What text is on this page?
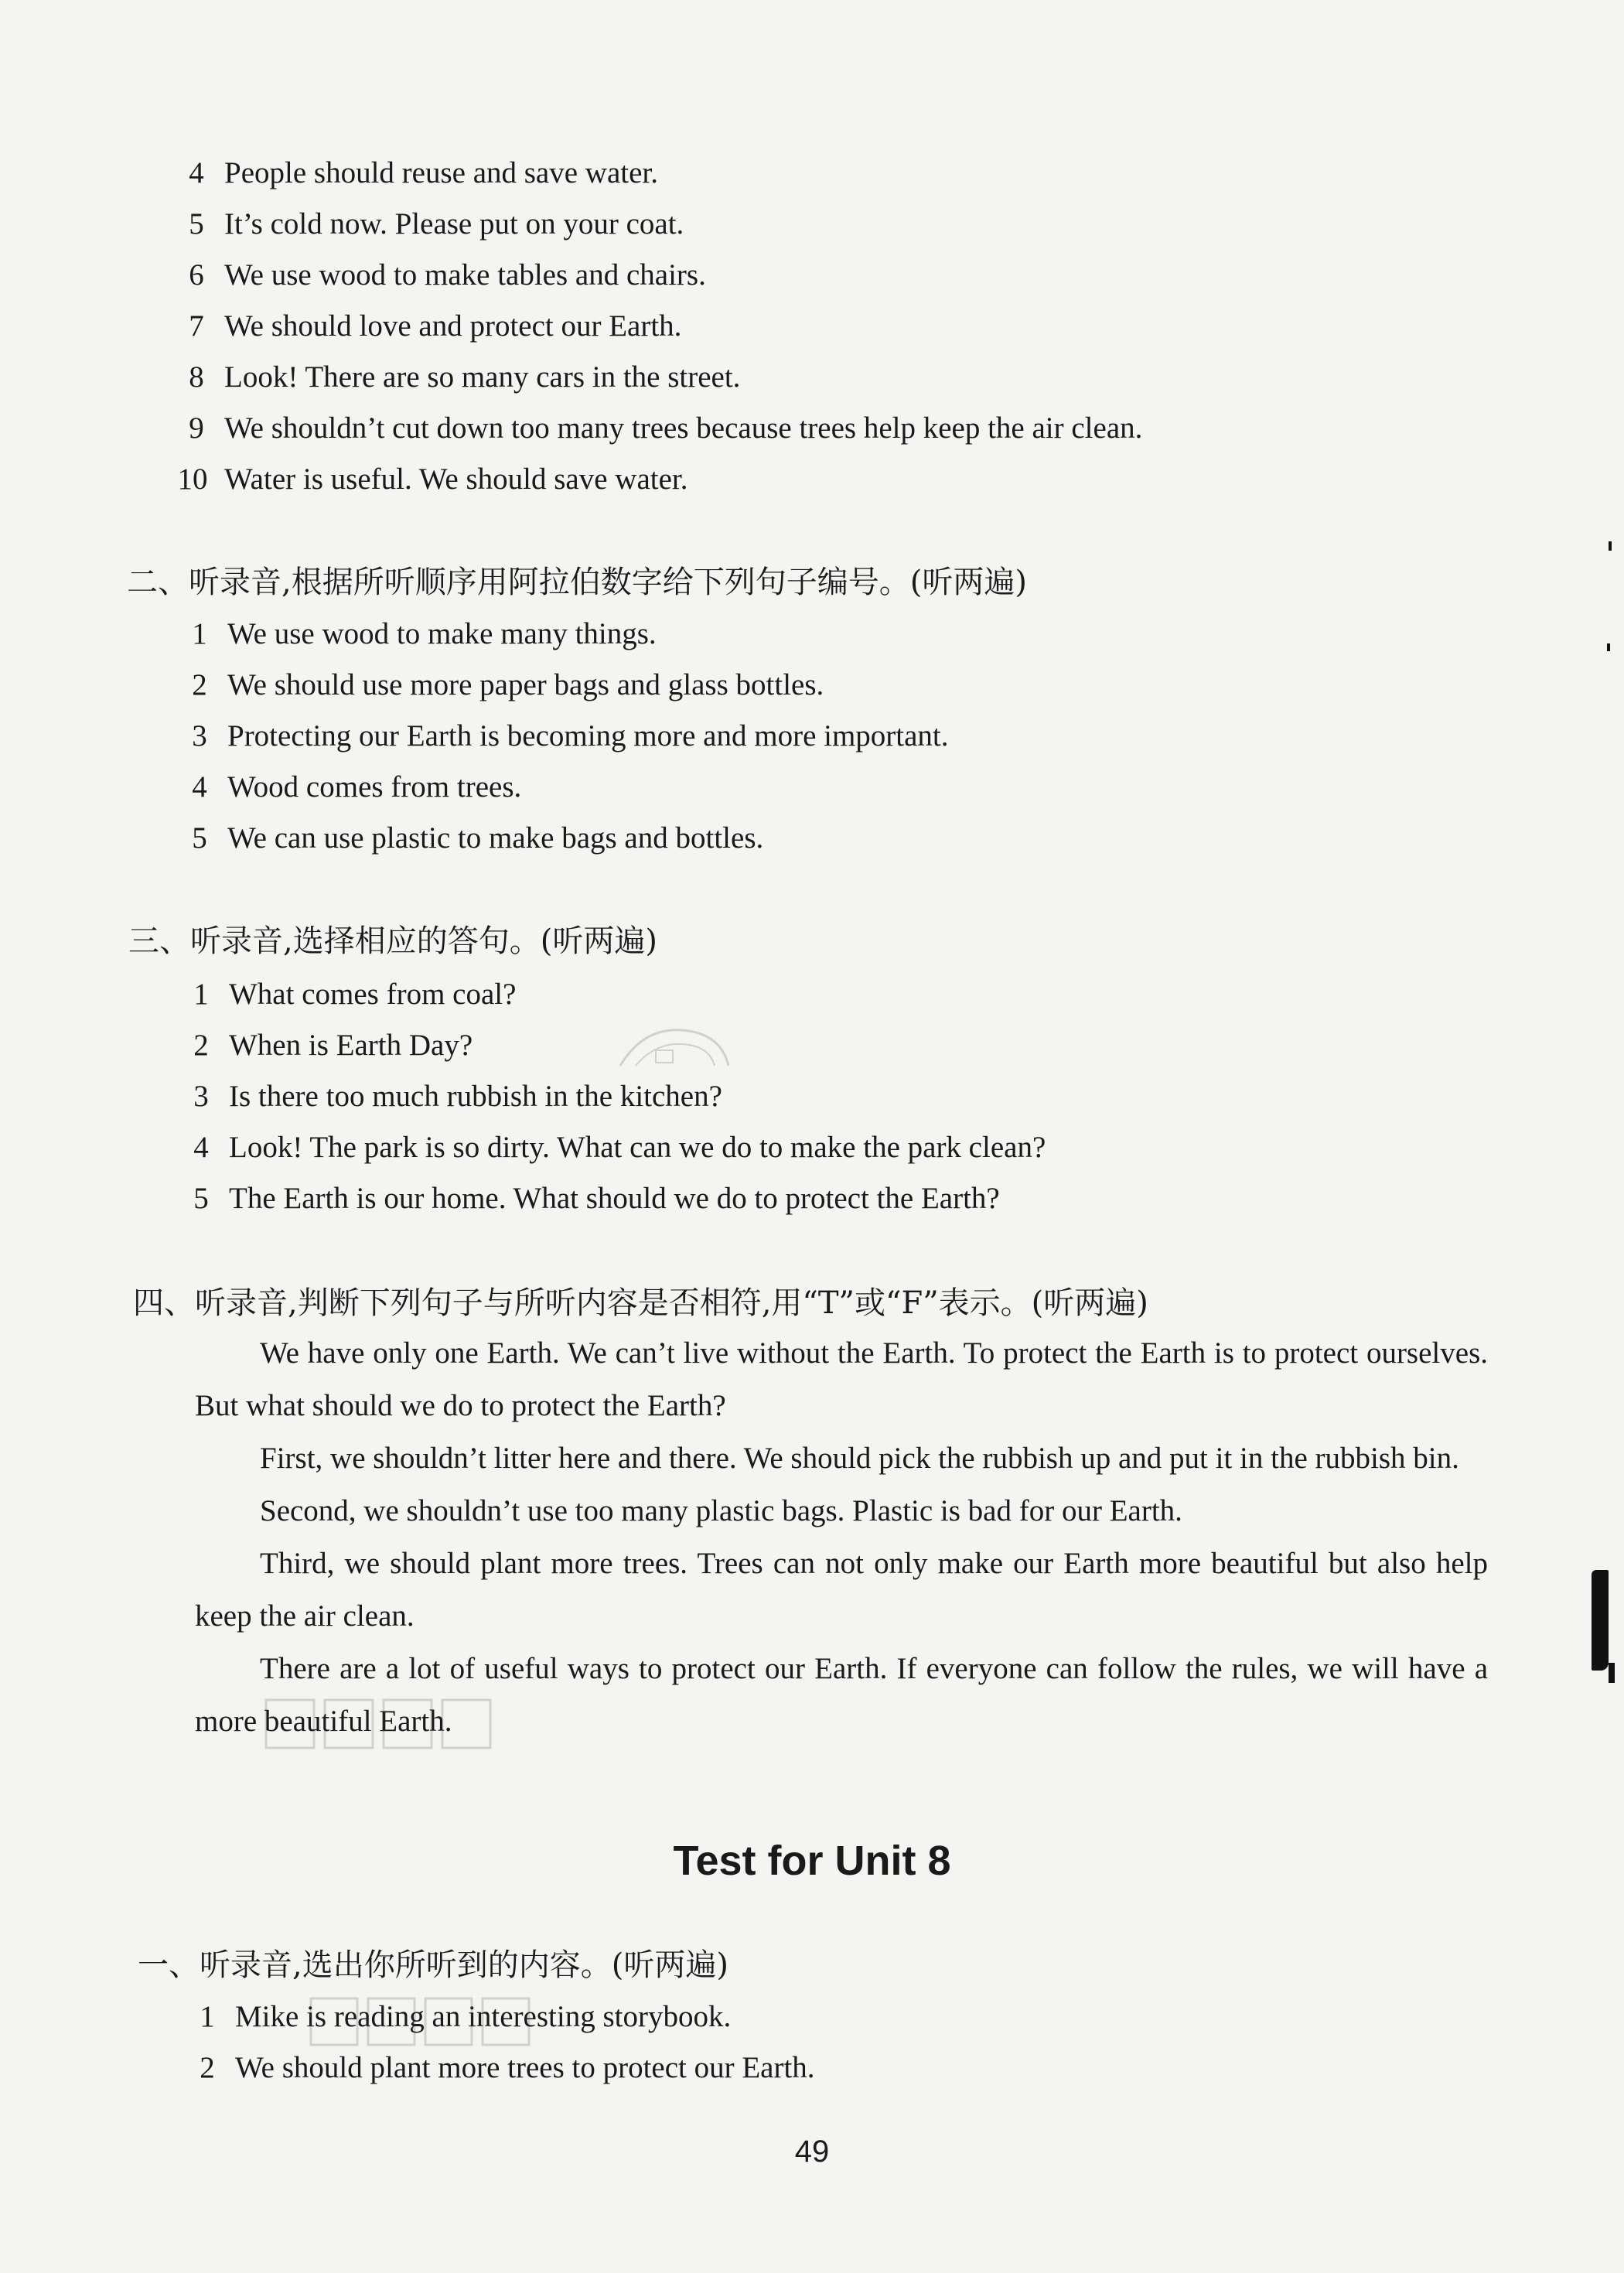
4 People should reuse and save water.
5 It’s cold now. Please put on your coat.
6 We use wood to make tables and chairs.
7 We should love and protect our Earth.
8 Look! There are so many cars in the street.
9 We shouldn’t cut down too many trees because trees help keep the air clean.
10 Water is useful. We should save water.
二、听录音,根据所听顺序用阿拉伯数字给下列句子编号。(听两遍)
1 We use wood to make many things.
2 We should use more paper bags and glass bottles.
3 Protecting our Earth is becoming more and more important.
4 Wood comes from trees.
5 We can use plastic to make bags and bottles.
三、听录音,选择相应的答句。(听两遍)
1 What comes from coal?
2 When is Earth Day?
3 Is there too much rubbish in the kitchen?
4 Look! The park is so dirty. What can we do to make the park clean?
5 The Earth is our home. What should we do to protect the Earth?
四、听录音,判断下列句子与所听内容是否相符,用“T”或“F”表示。(听两遍)

We have only one Earth. We can’t live without the Earth. To protect the Earth is to protect ourselves. But what should we do to protect the Earth?

First, we shouldn’t litter here and there. We should pick the rubbish up and put it in the rubbish bin.

Second, we shouldn’t use too many plastic bags. Plastic is bad for our Earth.

Third, we should plant more trees. Trees can not only make our Earth more beautiful but also help keep the air clean.

There are a lot of useful ways to protect our Earth. If everyone can follow the rules, we will have a more beautiful Earth.

Test for Unit 8
一、听录音,选出你所听到的内容。(听两遍)
1 Mike is reading an interesting storybook.
2 We should plant more trees to protect our Earth.
49
